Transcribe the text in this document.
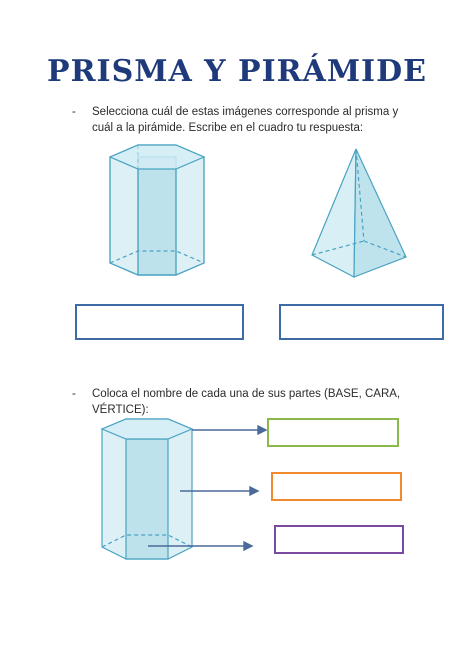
PRISMA Y PIRÁMIDE
- Selecciona cuál de estas imágenes corresponde al prisma y cuál a la pirámide. Escribe en el cuadro tu respuesta:
- Coloca el nombre de cada una de sus partes (BASE, CARA, VÉRTICE):
